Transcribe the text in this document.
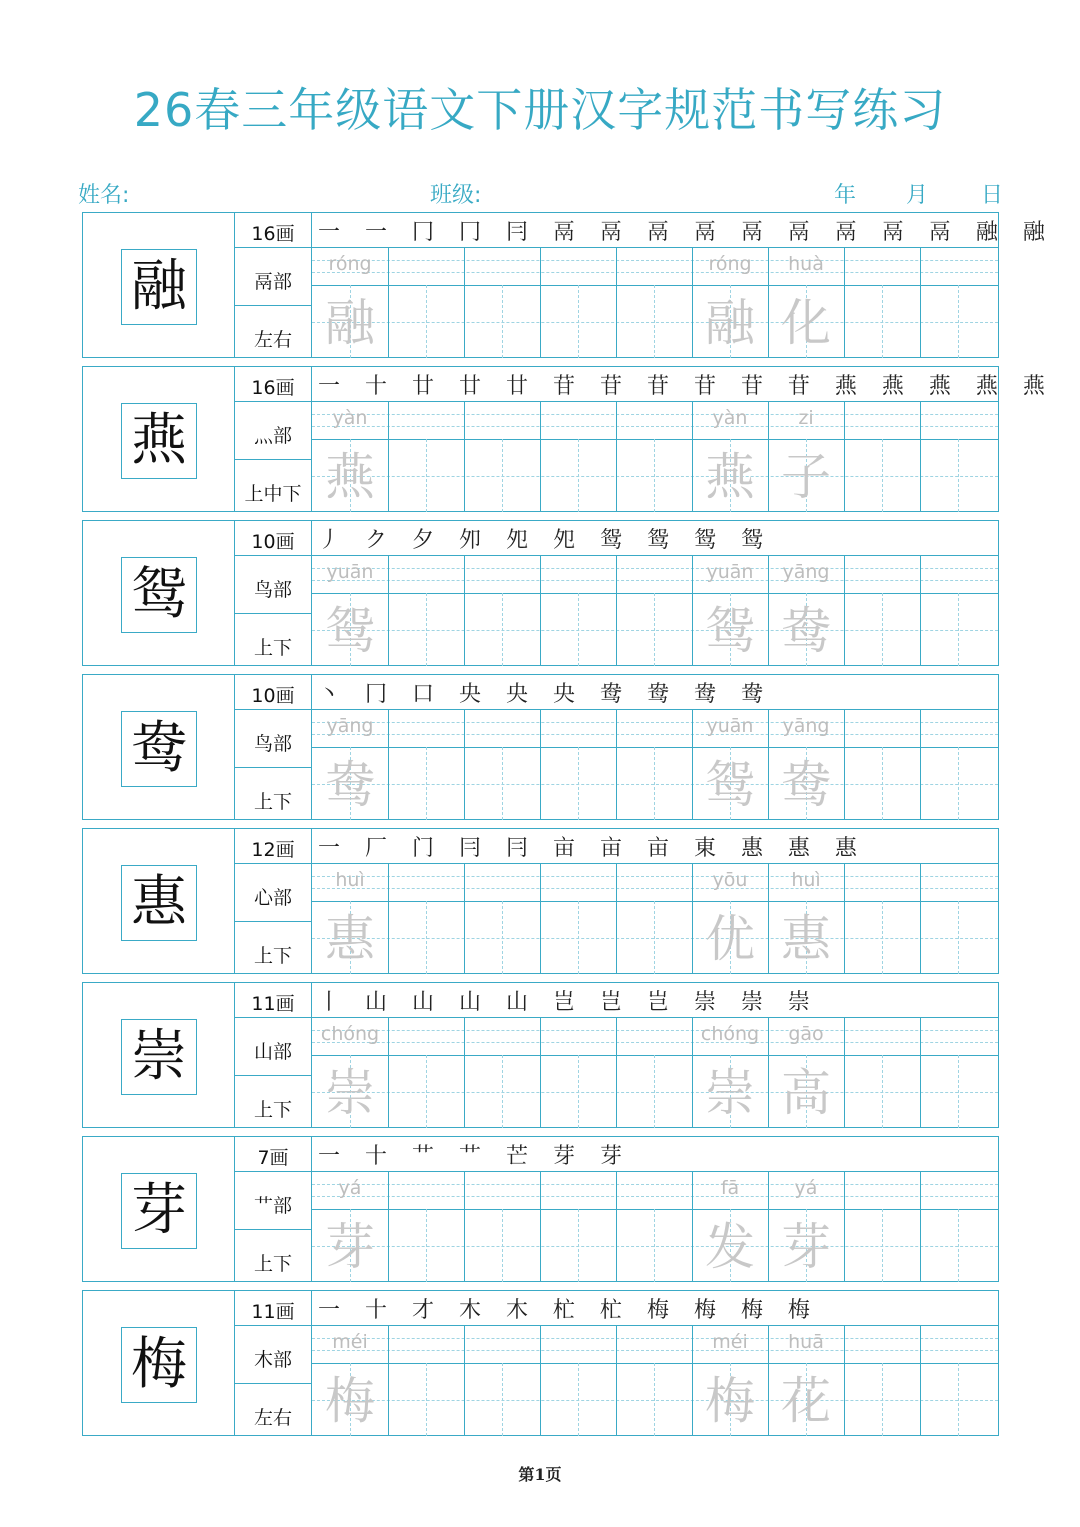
26春三年级语文下册汉字规范书写练习
姓名:	班级:	年 月 日
融
16画
鬲部
左右
一 ⼀ 冂 冂 冃 鬲 鬲 鬲 鬲 鬲 鬲 鬲 鬲 鬲 融 融
róng
融
róng
融
huà
化
燕
16画
灬部
上中下
一 十 廿 廿 廿 苷 苷 苷 苷 苷 苷 燕 燕 燕 燕 燕
yàn
燕
yàn
燕
zi
子
鸳
10画
鸟部
上下
丿 ク 夕 夘 夗 夗 鸳 鸳 鸳 鸳
yuān
鸳
yuān
鸳
yāng
鸯
鸯
10画
鸟部
上下
丶 冂 口 央 央 央 鸯 鸯 鸯 鸯
yāng
鸯
yuān
鸳
yāng
鸯
惠
12画
心部
上下
一 厂 门 冃 冃 亩 亩 亩 東 惠 惠 惠
huì
惠
yōu
优
huì
惠
崇
11画
山部
上下
丨 山 山 山 山 岂 岂 岂 崇 崇 崇
chóng
崇
chóng
崇
gāo
高
芽
7画
艹部
上下
一 十 艹 艹 芒 芽 芽
yá
芽
fā
发
yá
芽
梅
11画
木部
左右
一 十 才 木 木 杧 杧 梅 梅 梅 梅
méi
梅
méi
梅
huā
花
第1页
